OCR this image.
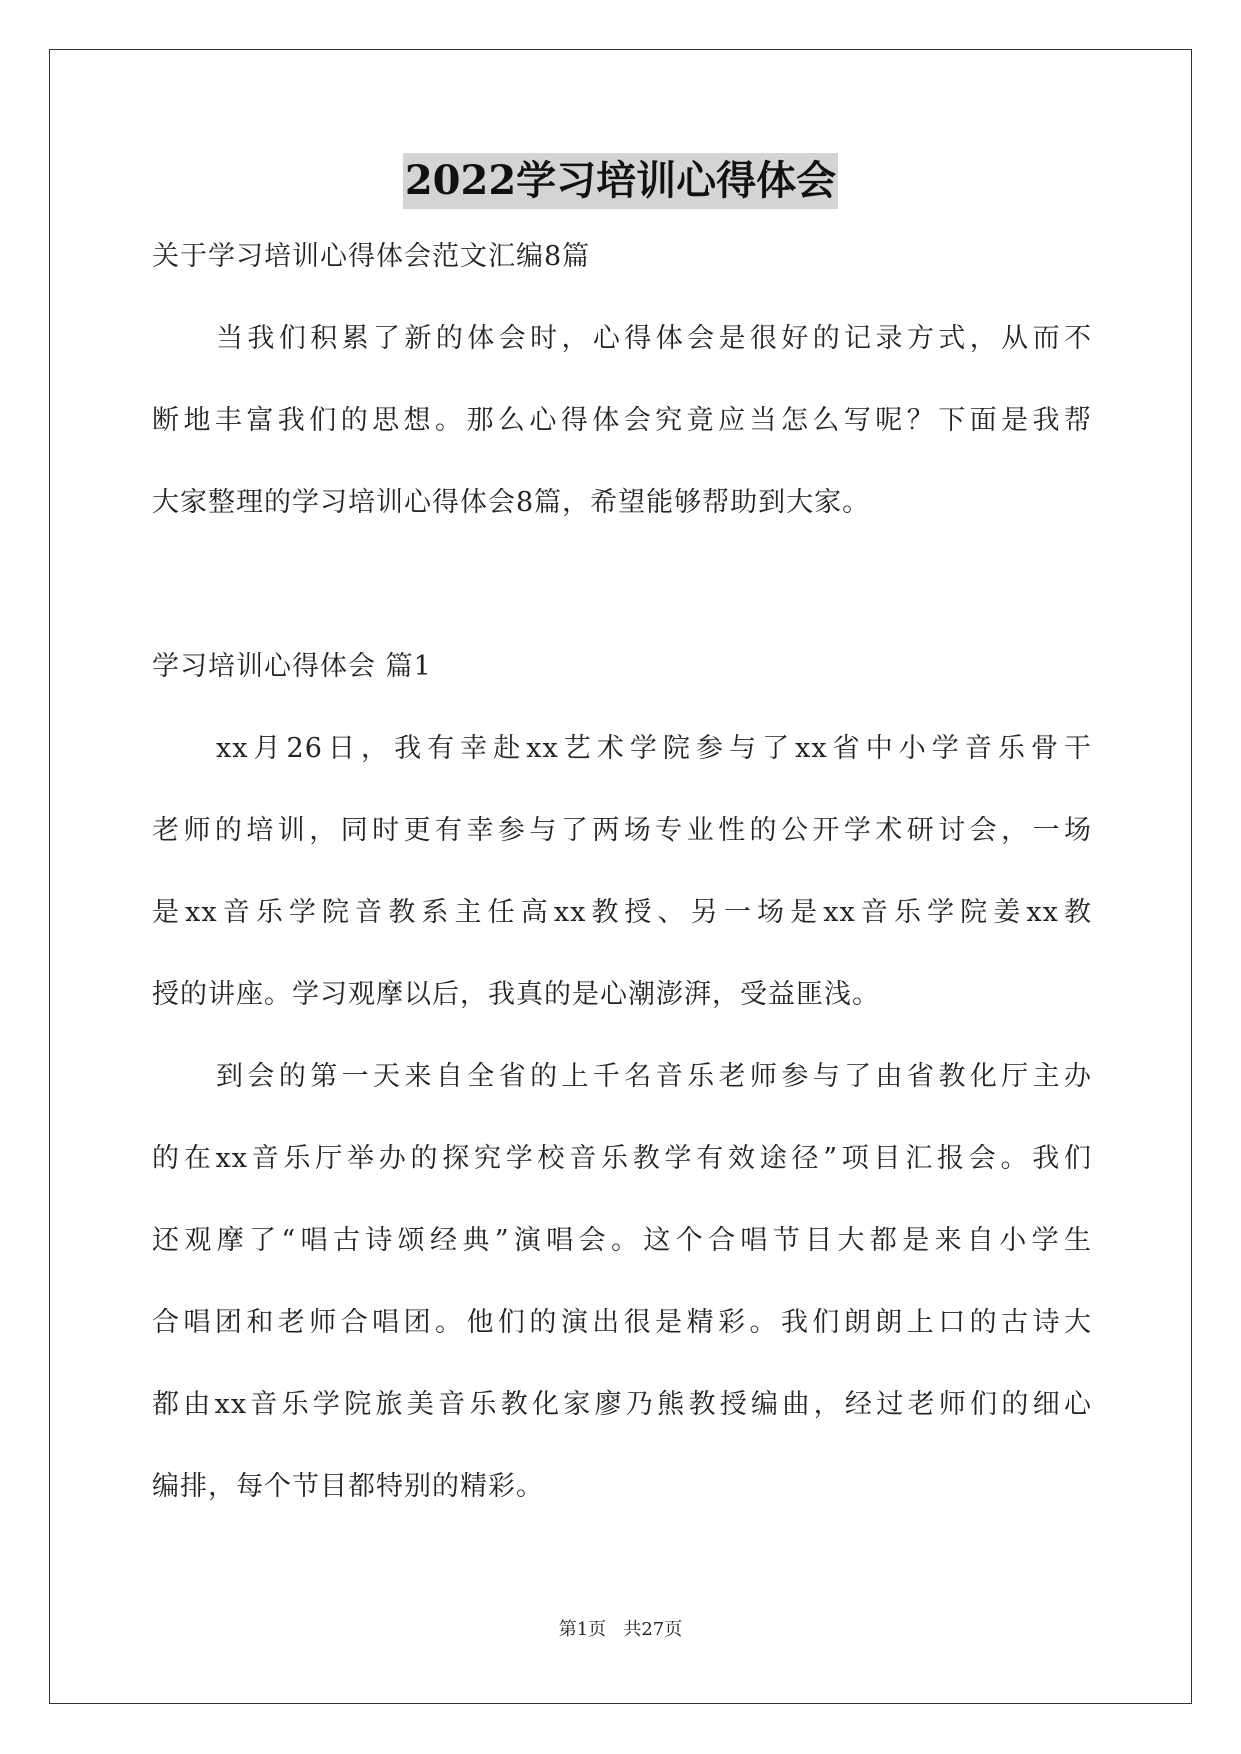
2022学习培训心得体会
关于学习培训心得体会范文汇编8篇
当我们积累了新的体会时，心得体会是很好的记录方式，从而不
断地丰富我们的思想。那么心得体会究竟应当怎么写呢？下面是我帮
大家整理的学习培训心得体会8篇，希望能够帮助到大家。
学习培训心得体会 篇1
xx月26日，我有幸赴xx艺术学院参与了xx省中小学音乐骨干
老师的培训，同时更有幸参与了两场专业性的公开学术研讨会，一场
是xx音乐学院音教系主任高xx教授、另一场是xx音乐学院姜xx教
授的讲座。学习观摩以后，我真的是心潮澎湃，受益匪浅。
到会的第一天来自全省的上千名音乐老师参与了由省教化厅主办
的在xx音乐厅举办的探究学校音乐教学有效途径”项目汇报会。我们
还观摩了“唱古诗颂经典”演唱会。这个合唱节目大都是来自小学生
合唱团和老师合唱团。他们的演出很是精彩。我们朗朗上口的古诗大
都由xx音乐学院旅美音乐教化家廖乃熊教授编曲，经过老师们的细心
编排，每个节目都特别的精彩。
第1页   共27页
